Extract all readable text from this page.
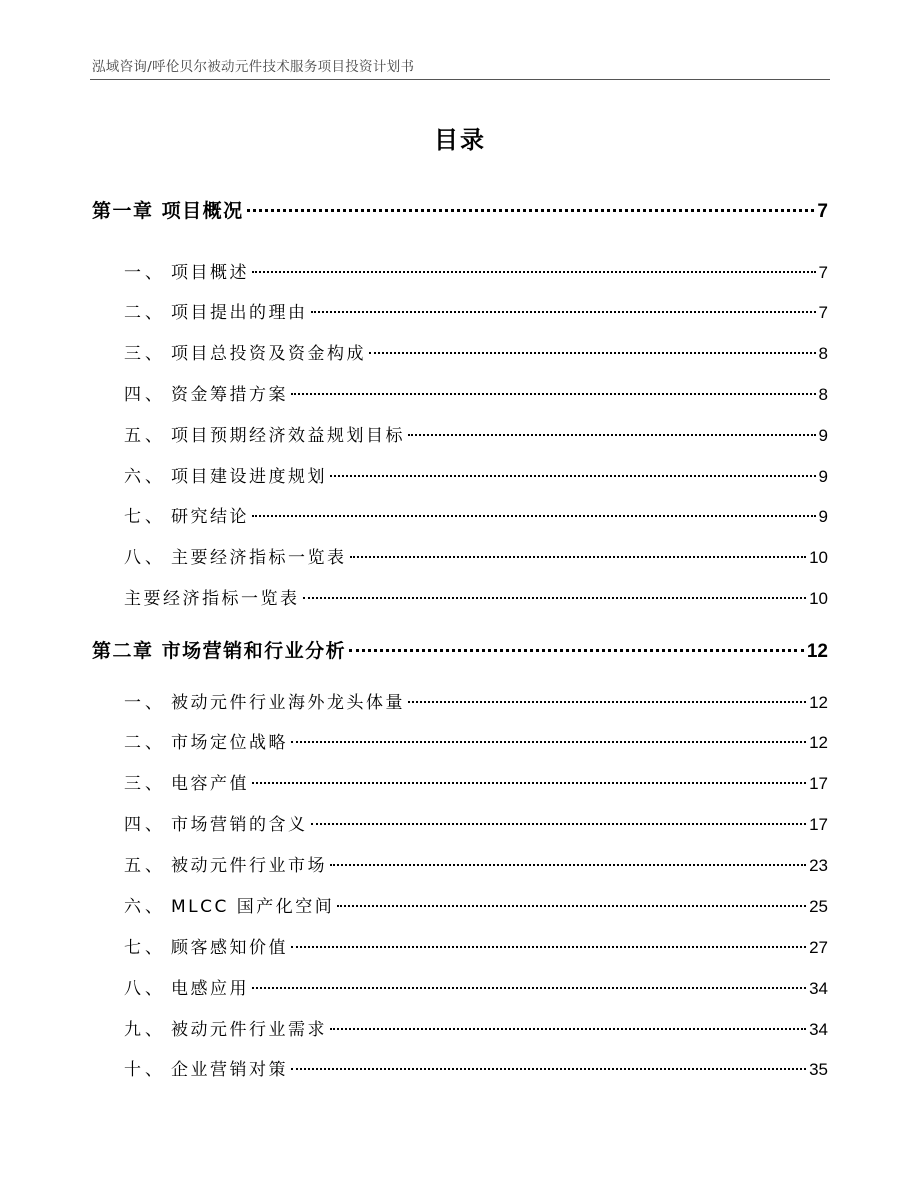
泓域咨询/呼伦贝尔被动元件技术服务项目投资计划书
目录
第一章 项目概况	7
一、 项目概述	7
二、 项目提出的理由	7
三、 项目总投资及资金构成	8
四、 资金筹措方案	8
五、 项目预期经济效益规划目标	9
六、 项目建设进度规划	9
七、 研究结论	9
八、 主要经济指标一览表	10
主要经济指标一览表	10
第二章 市场营销和行业分析	12
一、 被动元件行业海外龙头体量	12
二、 市场定位战略	12
三、 电容产值	17
四、 市场营销的含义	17
五、 被动元件行业市场	23
六、 MLCC 国产化空间	25
七、 顾客感知价值	27
八、 电感应用	34
九、 被动元件行业需求	34
十、 企业营销对策	35
